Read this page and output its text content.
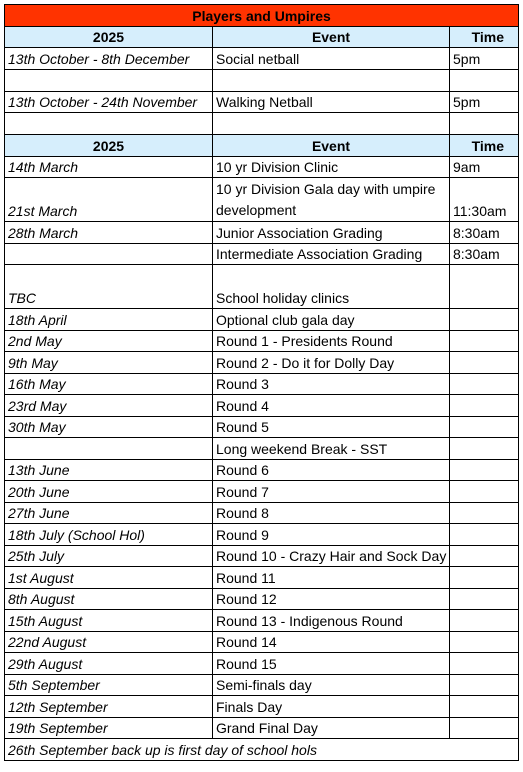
Players and Umpires		
2025	Event	Time
13th October - 8th December	Social netball	5pm

13th October - 24th November	Walking Netball	5pm

2025	Event	Time
14th March	10 yr Division Clinic	9am
21st March	10 yr Division Gala day with umpire development	11:30am
28th March	Junior Association Grading	8:30am
	Intermediate Association Grading	8:30am
TBC	School holiday clinics	
18th April	Optional club gala day	
2nd May	Round 1 - Presidents Round	
9th May	Round 2 - Do it for Dolly Day	
16th May	Round 3	
23rd May	Round 4	
30th May	Round 5	
	Long weekend Break - SST	
13th June	Round 6	
20th June	Round 7	
27th June	Round 8	
18th July (School Hol)	Round 9	
25th July	Round 10 - Crazy Hair and Sock Day	
1st August	Round 11	
8th August	Round 12	
15th August	Round 13 - Indigenous Round	
22nd August	Round 14	
29th August	Round 15	
5th September	Semi-finals day	
12th September	Finals Day	
19th September	Grand Final Day	
26th September back up is first day of school hols		
